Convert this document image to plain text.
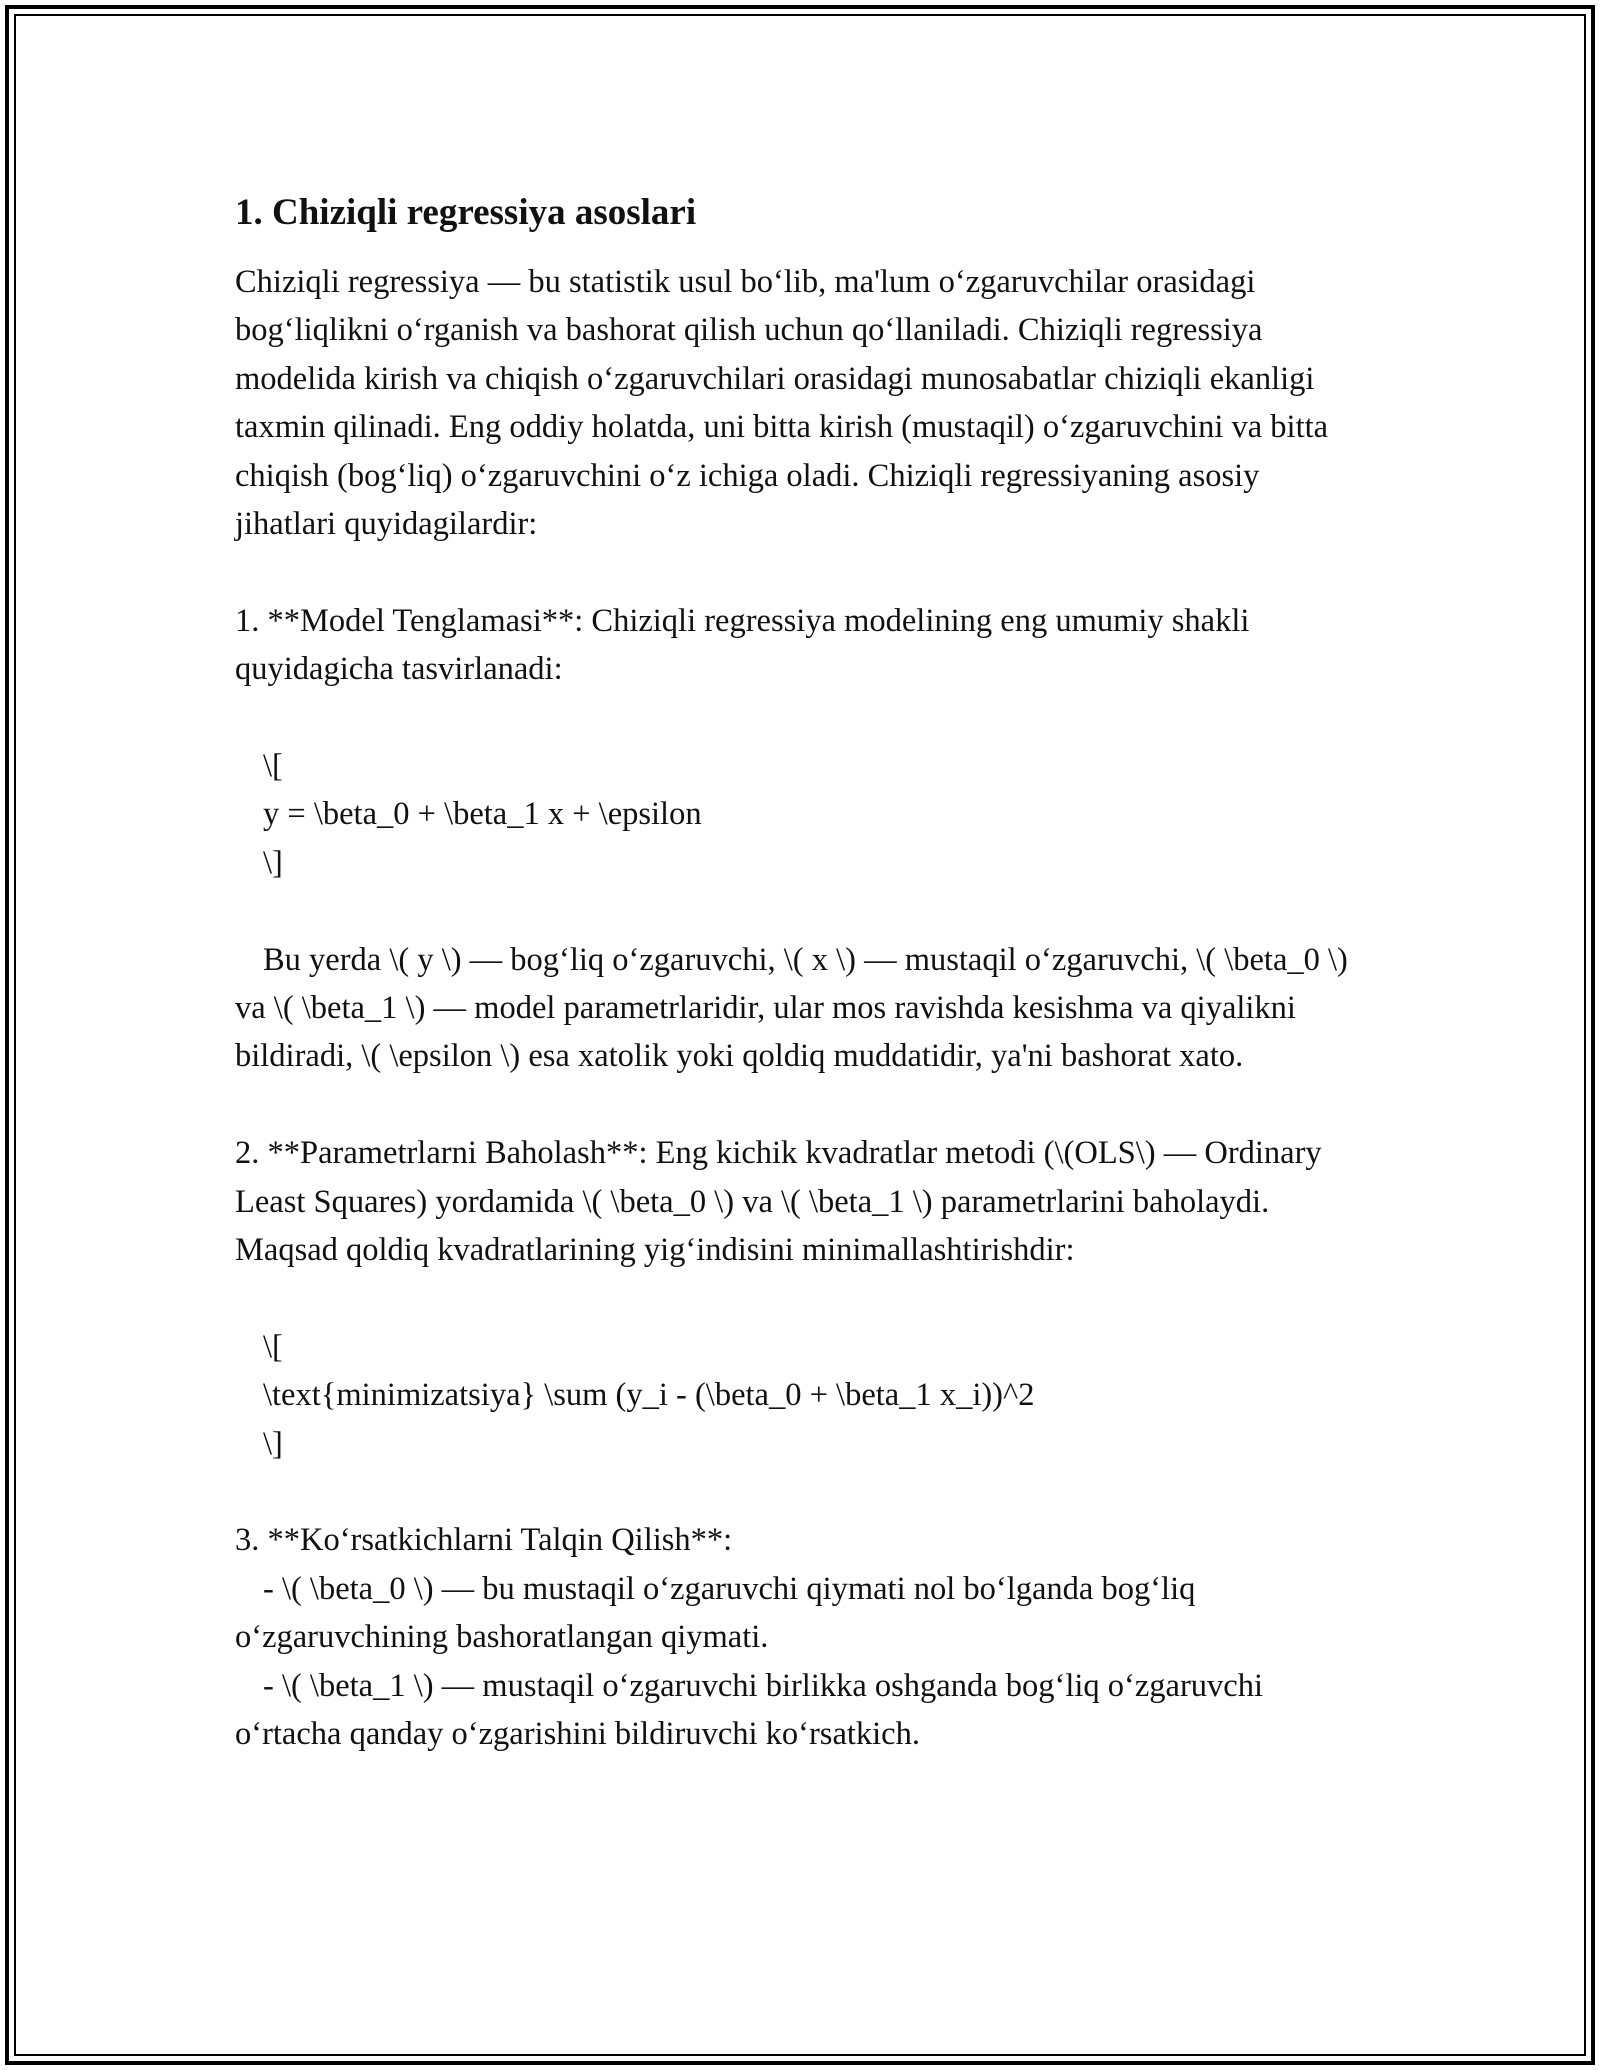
1. Chiziqli regressiya asoslari

Chiziqli regressiya — bu statistik usul bo‘lib, ma'lum o‘zgaruvchilar orasidagi bog‘liqlikni o‘rganish va bashorat qilish uchun qo‘llaniladi. Chiziqli regressiya modelida kirish va chiqish o‘zgaruvchilari orasidagi munosabatlar chiziqli ekanligi taxmin qilinadi. Eng oddiy holatda, uni bitta kirish (mustaqil) o‘zgaruvchini va bitta chiqish (bog‘liq) o‘zgaruvchini o‘z ichiga oladi. Chiziqli regressiyaning asosiy jihatlari quyidagilardir:

1. **Model Tenglamasi**: Chiziqli regressiya modelining eng umumiy shakli quyidagicha tasvirlanadi:

\[

y = \beta_0 + \beta_1 x + \epsilon

\]

Bu yerda \( y \) — bog‘liq o‘zgaruvchi, \( x \) — mustaqil o‘zgaruvchi, \( \beta_0 \) va \( \beta_1 \) — model parametrlaridir, ular mos ravishda kesishma va qiyalikni bildiradi, \( \epsilon \) esa xatolik yoki qoldiq muddatidir, ya'ni bashorat xato.

2. **Parametrlarni Baholash**: Eng kichik kvadratlar metodi (\(OLS\) — Ordinary Least Squares) yordamida \( \beta_0 \) va \( \beta_1 \) parametrlarini baholaydi. Maqsad qoldiq kvadratlarining yig‘indisini minimallashtirishdir:

\[

\text{minimizatsiya} \sum (y_i - (\beta_0 + \beta_1 x_i))^2

\]

3. **Ko‘rsatkichlarni Talqin Qilish**:

- \( \beta_0 \) — bu mustaqil o‘zgaruvchi qiymati nol bo‘lganda bog‘liq o‘zgaruvchining bashoratlangan qiymati.

- \( \beta_1 \) — mustaqil o‘zgaruvchi birlikka oshganda bog‘liq o‘zgaruvchi o‘rtacha qanday o‘zgarishini bildiruvchi ko‘rsatkich.
